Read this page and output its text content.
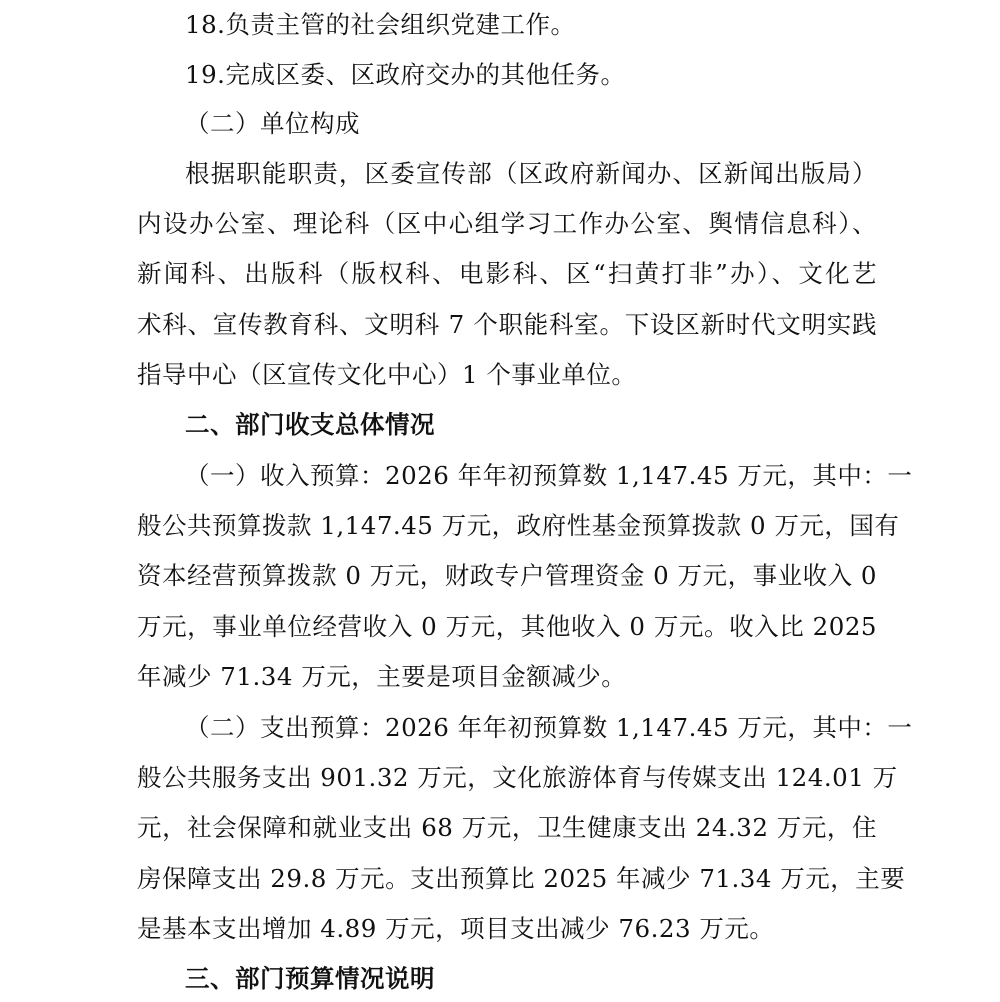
18.负责主管的社会组织党建工作。
19.完成区委、区政府交办的其他任务。
（二）单位构成
根据职能职责，区委宣传部（区政府新闻办、区新闻出版局）
内设办公室、理论科（区中心组学习工作办公室、舆情信息科）、
新闻科、出版科（版权科、电影科、区“扫黄打非”办）、文化艺
术科、宣传教育科、文明科 7 个职能科室。下设区新时代文明实践
指导中心（区宣传文化中心）1 个事业单位。
二、部门收支总体情况
（一）收入预算：2026 年年初预算数 1,147.45 万元，其中：一
般公共预算拨款 1,147.45 万元，政府性基金预算拨款 0 万元，国有
资本经营预算拨款 0 万元，财政专户管理资金 0 万元，事业收入 0
万元，事业单位经营收入 0 万元，其他收入 0 万元。收入比 2025
年减少 71.34 万元，主要是项目金额减少。
（二）支出预算：2026 年年初预算数 1,147.45 万元，其中：一
般公共服务支出 901.32 万元，文化旅游体育与传媒支出 124.01 万
元，社会保障和就业支出 68 万元，卫生健康支出 24.32 万元，住
房保障支出 29.8 万元。支出预算比 2025 年减少 71.34 万元，主要
是基本支出增加 4.89 万元，项目支出减少 76.23 万元。
三、部门预算情况说明
